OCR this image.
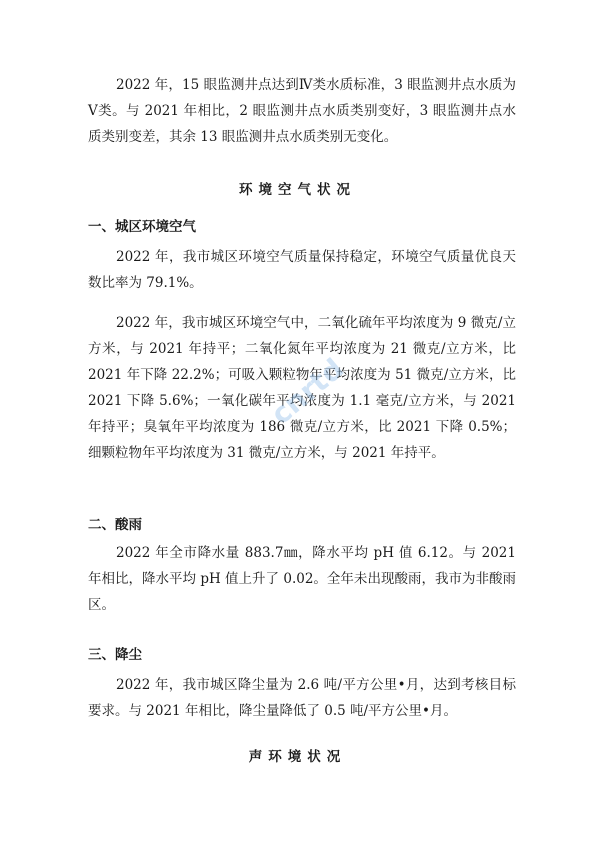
2022 年，15 眼监测井点达到Ⅳ类水质标准，3 眼监测井点水质为Ⅴ类。与 2021 年相比，2 眼监测井点水质类别变好，3 眼监测井点水质类别变差，其余 13 眼监测井点水质类别无变化。

环境空气状况
一、城区环境空气

2022 年，我市城区环境空气质量保持稳定，环境空气质量优良天数比率为 79.1%。

2022 年，我市城区环境空气中，二氧化硫年平均浓度为 9 微克/立方米，与 2021 年持平；二氧化氮年平均浓度为 21 微克/立方米，比 2021 年下降 22.2%；可吸入颗粒物年平均浓度为 51 微克/立方米，比 2021 下降 5.6%；一氧化碳年平均浓度为 1.1 毫克/立方米，与 2021 年持平；臭氧年平均浓度为 186 微克/立方米，比 2021 下降 0.5%；细颗粒物年平均浓度为 31 微克/立方米，与 2021 年持平。

二、酸雨

2022 年全市降水量 883.7㎜，降水平均 pH 值 6.12。与 2021 年相比，降水平均 pH 值上升了 0.02。全年未出现酸雨，我市为非酸雨区。

三、降尘

2022 年，我市城区降尘量为 2.6 吨/平方公里•月，达到考核目标要求。与 2021 年相比，降尘量降低了 0.5 吨/平方公里•月。

声环境状况
cnrtd
